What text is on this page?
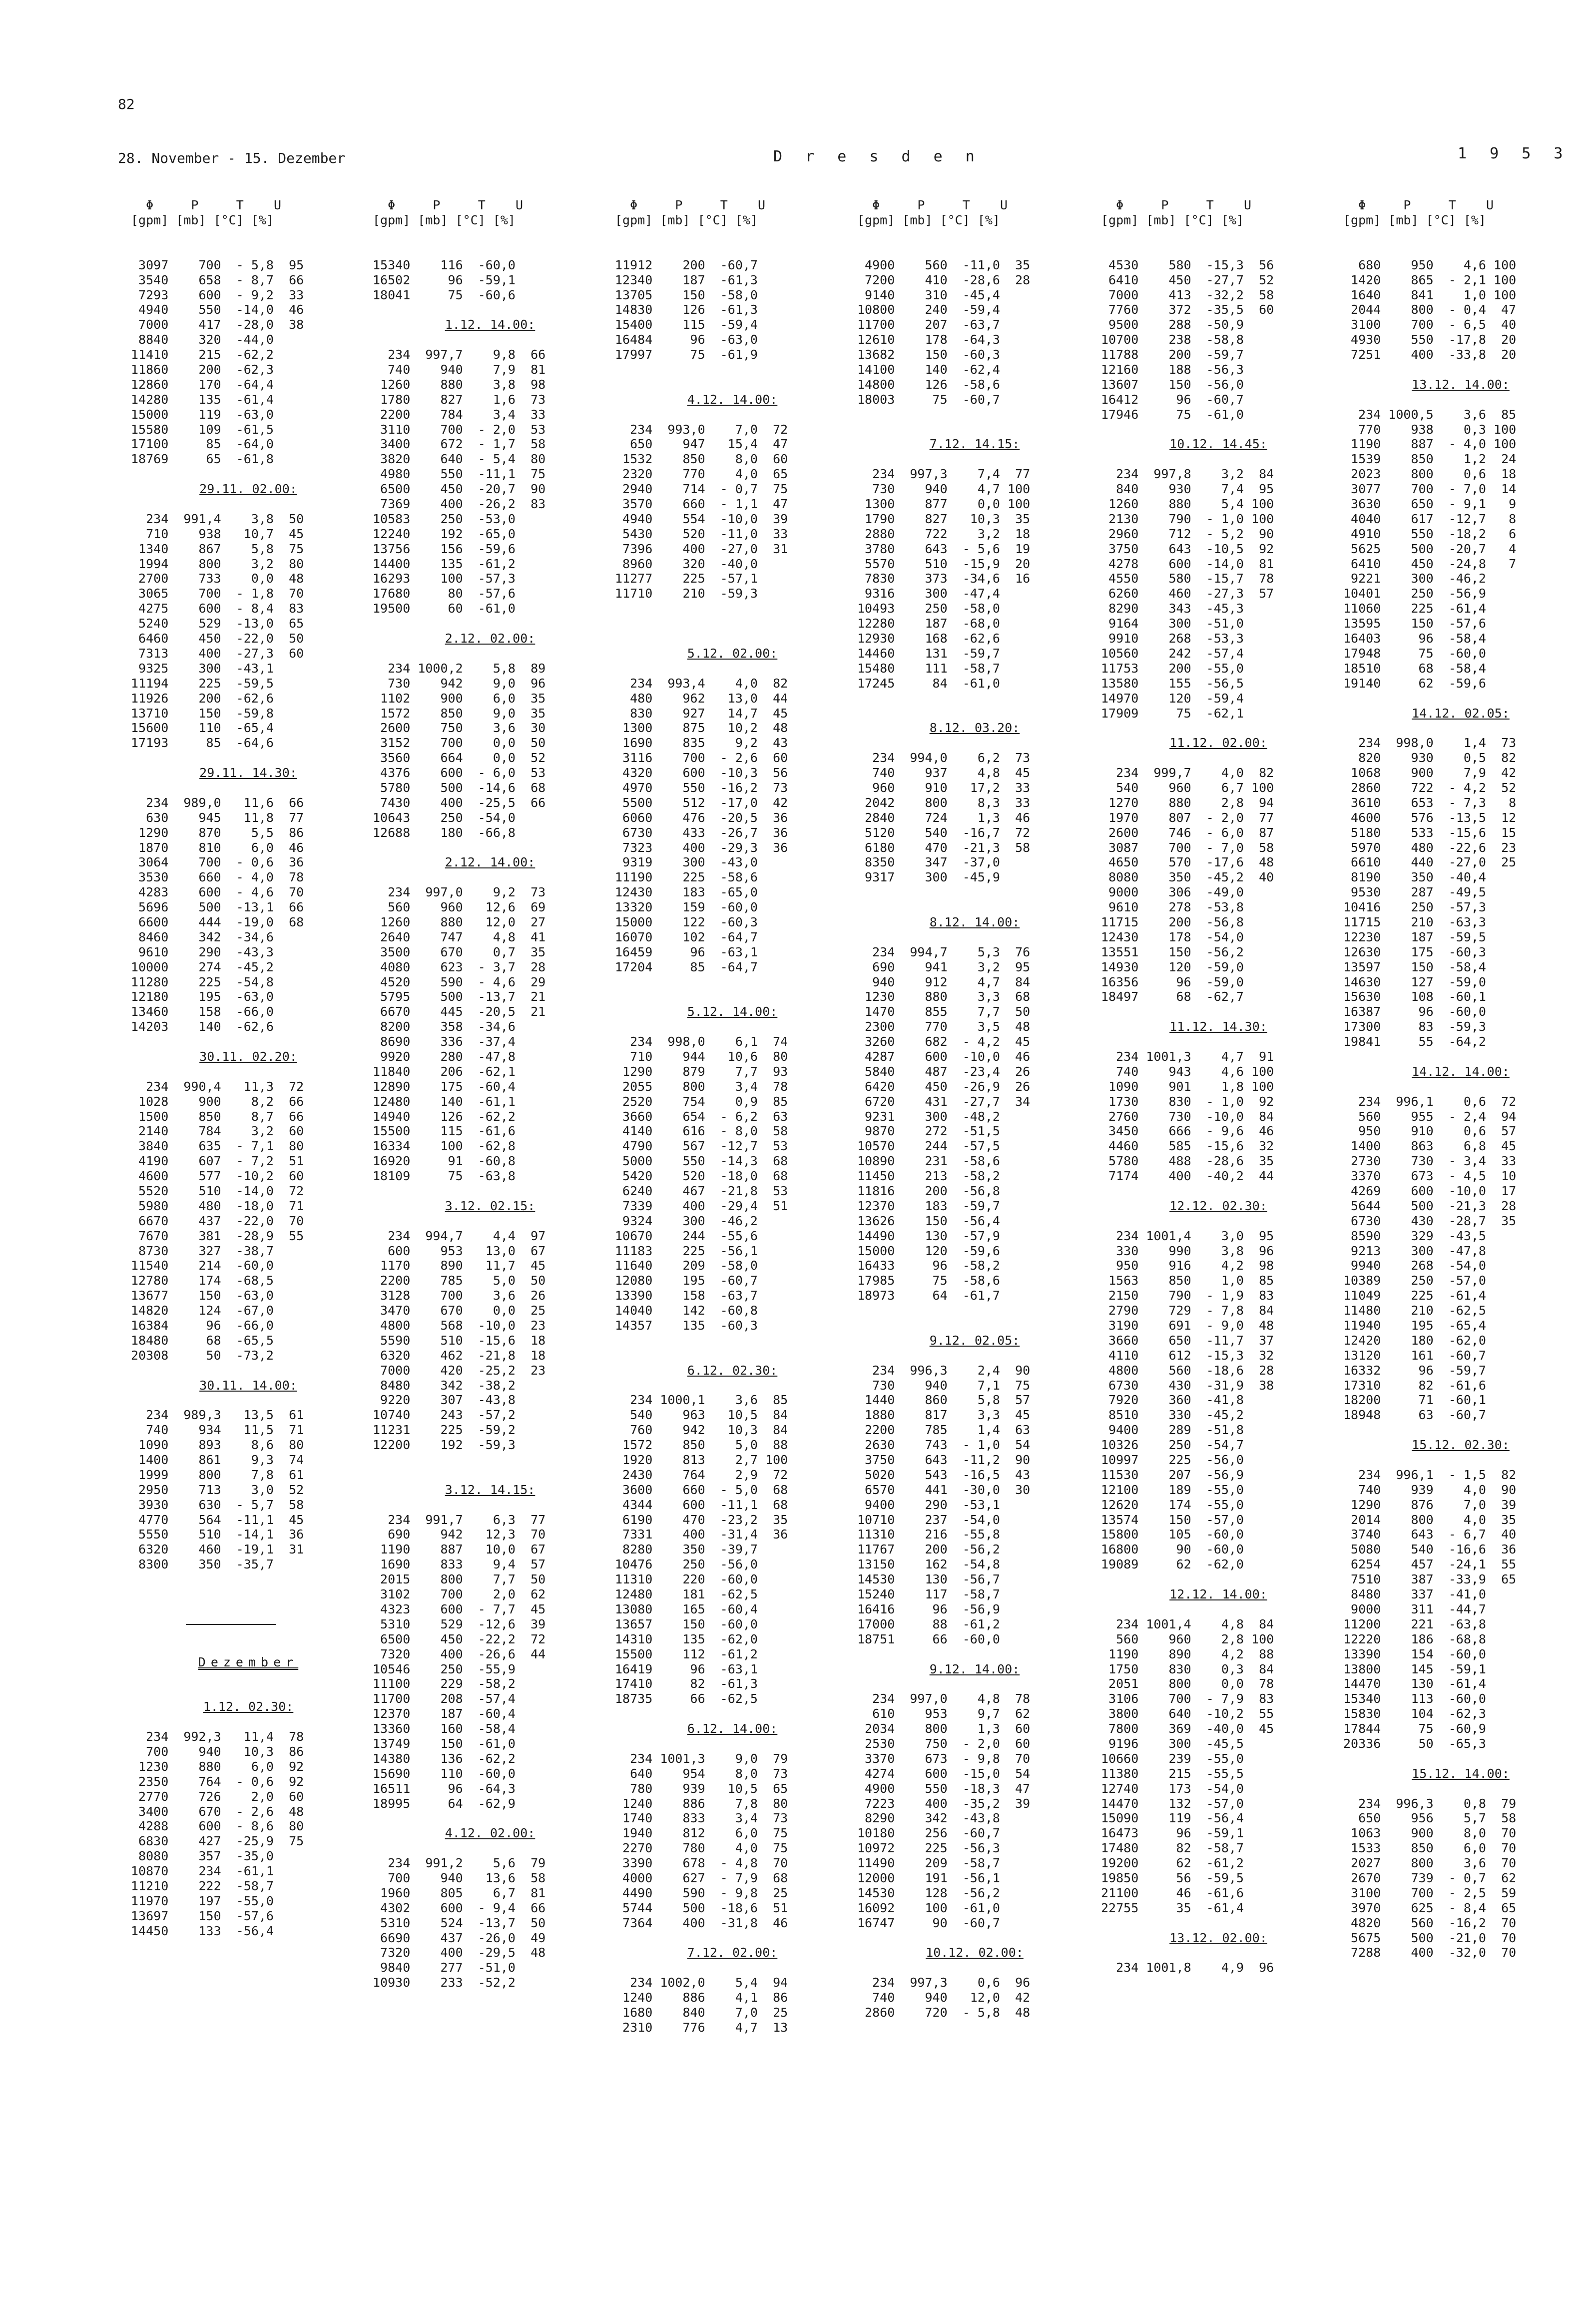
82
28. November - 15. Dezember	D r e s d e n	1 9 5 3
Φ     P     T    U
[gpm] [mb] [°C] [%]

3097    700  - 5,8  95
3540    658  - 8,7  66
7293    600  - 9,2  33
4940    550  -14,0  46
7000    417  -28,0  38
8840    320  -44,0
11410    215  -62,2
11860    200  -62,3
12860    170  -64,4
14280    135  -61,4
15000    119  -63,0
15580    109  -61,5
17100     85  -64,0
18769     65  -61,8

29.11. 02.00:

234  991,4    3,8  50
710    938   10,7  45
1340    867    5,8  75
1994    800    3,2  80
2700    733    0,0  48
3065    700  - 1,8  70
4275    600  - 8,4  83
5240    529  -13,0  65
6460    450  -22,0  50
7313    400  -27,3  60
9325    300  -43,1
11194    225  -59,5
11926    200  -62,6
13710    150  -59,8
15600    110  -65,4
17193     85  -64,6

29.11. 14.30:

234  989,0   11,6  66
630    945   11,8  77
1290    870    5,5  86
1870    810    6,0  46
3064    700  - 0,6  36
3530    660  - 4,0  78
4283    600  - 4,6  70
5696    500  -13,1  66
6600    444  -19,0  68
8460    342  -34,6
9610    290  -43,3
10000    274  -45,2
11280    225  -54,8
12180    195  -63,0
13460    158  -66,0
14203    140  -62,6

30.11. 02.20:

234  990,4   11,3  72
1028    900    8,2  66
1500    850    8,7  66
2140    784    3,2  60
3840    635  - 7,1  80
4190    607  - 7,2  51
4600    577  -10,2  60
5520    510  -14,0  72
5980    480  -18,0  71
6670    437  -22,0  70
7670    381  -28,9  55
8730    327  -38,7
11540    214  -60,0
12780    174  -68,5
13677    150  -63,0
14820    124  -67,0
16384     96  -66,0
18480     68  -65,5
20308     50  -73,2

30.11. 14.00:

234  989,3   13,5  61
740    934   11,5  71
1090    893    8,6  80
1400    861    9,3  74
1999    800    7,8  61
2950    713    3,0  52
3930    630  - 5,7  58
4770    564  -11,1  45
5550    510  -14,1  36
6320    460  -19,1  31
8300    350  -35,7

Dezember

1.12. 02.30:

234  992,3   11,4  78
700    940   10,3  86
1230    880    6,0  92
2350    764  - 0,6  92
2770    726    2,0  60
3400    670  - 2,6  48
4288    600  - 8,6  80
6830    427  -25,9  75
8080    357  -35,0
10870    234  -61,1
11210    222  -58,7
11970    197  -55,0
13697    150  -57,6
14450    133  -56,4
Φ     P     T    U
[gpm] [mb] [°C] [%]

15340    116  -60,0
16502     96  -59,1
18041     75  -60,6

1.12. 14.00:

234  997,7    9,8  66
740    940    7,9  81
1260    880    3,8  98
1780    827    1,6  73
2200    784    3,4  33
3110    700  - 2,0  53
3400    672  - 1,7  58
3820    640  - 5,4  80
4980    550  -11,1  75
6500    450  -20,7  90
7369    400  -26,2  83
10583    250  -53,0
12240    192  -65,0
13756    156  -59,6
14400    135  -61,2
16293    100  -57,3
17680     80  -57,6
19500     60  -61,0

2.12. 02.00:

234 1000,2    5,8  89
730    942    9,0  96
1102    900    6,0  35
1572    850    9,0  35
2600    750    3,6  30
3152    700    0,0  50
3560    664    0,0  52
4376    600  - 6,0  53
5780    500  -14,6  68
7430    400  -25,5  66
10643    250  -54,0
12688    180  -66,8

2.12. 14.00:

234  997,0    9,2  73
560    960   12,6  69
1260    880   12,0  27
2640    747    4,8  41
3500    670    0,7  35
4080    623  - 3,7  28
4520    590  - 4,6  29
5795    500  -13,7  21
6670    445  -20,5  21
8200    358  -34,6
8690    336  -37,4
9920    280  -47,8
11840    206  -62,1
12890    175  -60,4
12480    140  -61,1
14940    126  -62,2
15500    115  -61,6
16334    100  -62,8
16920     91  -60,8
18109     75  -63,8

3.12. 02.15:

234  994,7    4,4  97
600    953   13,0  67
1170    890   11,7  45
2200    785    5,0  50
3128    700    3,6  26
3470    670    0,0  25
4800    568  -10,0  23
5590    510  -15,6  18
6320    462  -21,8  18
7000    420  -25,2  23
8480    342  -38,2
9220    307  -43,8
10740    243  -57,2
11231    225  -59,2
12200    192  -59,3

3.12. 14.15:

234  991,7    6,3  77
690    942   12,3  70
1190    887   10,0  67
1690    833    9,4  57
2015    800    7,7  50
3102    700    2,0  62
4323    600  - 7,7  45
5310    529  -12,6  39
6500    450  -22,2  72
7320    400  -26,6  44
10546    250  -55,9
11100    229  -58,2
11700    208  -57,4
12370    187  -60,4
13360    160  -58,4
13749    150  -61,0
14380    136  -62,2
15690    110  -60,0
16511     96  -64,3
18995     64  -62,9

4.12. 02.00:

234  991,2    5,6  79
700    940   13,6  58
1960    805    6,7  81
4302    600  - 9,4  66
5310    524  -13,7  50
6690    437  -26,0  49
7320    400  -29,5  48
9840    277  -51,0
10930    233  -52,2
Φ     P     T    U
[gpm] [mb] [°C] [%]

11912    200  -60,7
12340    187  -61,3
13705    150  -58,0
14830    126  -61,3
15400    115  -59,4
16484     96  -63,0
17997     75  -61,9

4.12. 14.00:

234  993,0    7,0  72
650    947   15,4  47
1532    850    8,0  60
2320    770    4,0  65
2940    714  - 0,7  75
3570    660  - 1,1  47
4940    554  -10,0  39
5430    520  -11,0  33
7396    400  -27,0  31
8960    320  -40,0
11277    225  -57,1
11710    210  -59,3

5.12. 02.00:

234  993,4    4,0  82
480    962   13,0  44
830    927   14,7  45
1300    875   10,2  48
1690    835    9,2  43
3116    700  - 2,6  60
4320    600  -10,3  56
4970    550  -16,2  73
5500    512  -17,0  42
6060    476  -20,5  36
6730    433  -26,7  36
7323    400  -29,3  36
9319    300  -43,0
11190    225  -58,6
12430    183  -65,0
13320    159  -60,0
15000    122  -60,3
16070    102  -64,7
16459     96  -63,1
17204     85  -64,7

5.12. 14.00:

234  998,0    6,1  74
710    944   10,6  80
1290    879    7,7  93
2055    800    3,4  78
2520    754    0,9  85
3660    654  - 6,2  63
4140    616  - 8,0  58
4790    567  -12,7  53
5000    550  -14,3  68
5420    520  -18,0  68
6240    467  -21,8  53
7339    400  -29,4  51
9324    300  -46,2
10670    244  -55,6
11183    225  -56,1
11640    209  -58,0
12080    195  -60,7
13390    158  -63,7
14040    142  -60,8
14357    135  -60,3

6.12. 02.30:

234 1000,1    3,6  85
540    963   10,5  84
760    942   10,3  84
1572    850    5,0  88
1920    813    2,7 100
2430    764    2,9  72
3600    660  - 5,0  68
4344    600  -11,1  68
6190    470  -23,2  35
7331    400  -31,4  36
8280    350  -39,7
10476    250  -56,0
11310    220  -60,0
12480    181  -62,5
13080    165  -60,4
13657    150  -60,0
14310    135  -62,0
15500    112  -61,2
16419     96  -63,1
17410     82  -61,3
18735     66  -62,5

6.12. 14.00:

234 1001,3    9,0  79
640    954    8,0  73
780    939   10,5  65
1240    886    7,8  80
1740    833    3,4  73
1940    812    6,0  75
2270    780    4,0  75
3390    678  - 4,8  70
4000    627  - 7,9  68
4490    590  - 9,8  25
5744    500  -18,6  51
7364    400  -31,8  46

7.12. 02.00:

234 1002,0    5,4  94
1240    886    4,1  86
1680    840    7,0  25
2310    776    4,7  13
Φ     P     T    U
[gpm] [mb] [°C] [%]

4900    560  -11,0  35
7200    410  -28,6  28
9140    310  -45,4
10800    240  -59,4
11700    207  -63,7
12610    178  -64,3
13682    150  -60,3
14100    140  -62,4
14800    126  -58,6
18003     75  -60,7

7.12. 14.15:

234  997,3    7,4  77
730    940    4,7 100
1300    877    0,0 100
1790    827   10,3  35
2880    722    3,2  18
3780    643  - 5,6  19
5570    510  -15,9  20
7830    373  -34,6  16
9316    300  -47,4
10493    250  -58,0
12280    187  -68,0
12930    168  -62,6
14460    131  -59,7
15480    111  -58,7
17245     84  -61,0

8.12. 03.20:

234  994,0    6,2  73
740    937    4,8  45
960    910   17,2  33
2042    800    8,3  33
2840    724    1,3  46
5120    540  -16,7  72
6180    470  -21,3  58
8350    347  -37,0
9317    300  -45,9

8.12. 14.00:

234  994,7    5,3  76
690    941    3,2  95
940    912    4,7  84
1230    880    3,3  68
1470    855    7,7  50
2300    770    3,5  48
3260    682  - 4,2  45
4287    600  -10,0  46
5840    487  -23,4  26
6420    450  -26,9  26
6720    431  -27,7  34
9231    300  -48,2
9870    272  -51,5
10570    244  -57,5
10890    231  -58,6
11450    213  -58,2
11816    200  -56,8
12370    183  -59,7
13626    150  -56,4
14490    130  -57,9
15000    120  -59,6
16433     96  -58,2
17985     75  -58,6
18973     64  -61,7

9.12. 02.05:

234  996,3    2,4  90
730    940    7,1  75
1440    860    5,8  57
1880    817    3,3  45
2200    785    1,4  63
2630    743  - 1,0  54
3750    643  -11,2  90
5020    543  -16,5  43
6570    441  -30,0  30
9400    290  -53,1
10710    237  -54,0
11310    216  -55,8
11767    200  -56,2
13150    162  -54,8
14530    130  -56,7
15240    117  -58,7
16416     96  -56,9
17000     88  -61,2
18751     66  -60,0

9.12. 14.00:

234  997,0    4,8  78
610    953    9,7  62
2034    800    1,3  60
2530    750  - 2,0  60
3370    673  - 9,8  70
4274    600  -15,0  54
4900    550  -18,3  47
7223    400  -35,2  39
8290    342  -43,8
10180    256  -60,7
10972    225  -56,3
11490    209  -58,7
12000    191  -56,1
14530    128  -56,2
16092    100  -61,0
16747     90  -60,7

10.12. 02.00:

234  997,3    0,6  96
740    940   12,0  42
2860    720  - 5,8  48
Φ     P     T    U
[gpm] [mb] [°C] [%]

4530    580  -15,3  56
6410    450  -27,7  52
7000    413  -32,2  58
7760    372  -35,5  60
9500    288  -50,9
10700    238  -58,8
11788    200  -59,7
12160    188  -56,3
13607    150  -56,0
16412     96  -60,7
17946     75  -61,0

10.12. 14.45:

234  997,8    3,2  84
840    930    7,4  95
1260    880    5,4 100
2130    790  - 1,0 100
2960    712  - 5,2  90
3750    643  -10,5  92
4278    600  -14,0  81
4550    580  -15,7  78
6260    460  -27,3  57
8290    343  -45,3
9164    300  -51,0
9910    268  -53,3
10560    242  -57,4
11753    200  -55,0
13580    155  -56,5
14970    120  -59,4
17909     75  -62,1

11.12. 02.00:

234  999,7    4,0  82
540    960    6,7 100
1270    880    2,8  94
1970    807  - 2,0  77
2600    746  - 6,0  87
3087    700  - 7,0  58
4650    570  -17,6  48
8080    350  -45,2  40
9000    306  -49,0
9610    278  -53,8
11715    200  -56,8
12430    178  -54,0
13551    150  -56,2
14930    120  -59,0
16356     96  -59,0
18497     68  -62,7

11.12. 14.30:

234 1001,3    4,7  91
740    943    4,6 100
1090    901    1,8 100
1730    830  - 1,0  92
2760    730  -10,0  84
3450    666  - 9,6  46
4460    585  -15,6  32
5780    488  -28,6  35
7174    400  -40,2  44

12.12. 02.30:

234 1001,4    3,0  95
330    990    3,8  96
950    916    4,2  98
1563    850    1,0  85
2150    790  - 1,9  83
2790    729  - 7,8  84
3190    691  - 9,0  48
3660    650  -11,7  37
4110    612  -15,3  32
4800    560  -18,6  28
6730    430  -31,9  38
7920    360  -41,8
8510    330  -45,2
9400    289  -51,8
10326    250  -54,7
10997    225  -56,0
11530    207  -56,9
12100    189  -55,0
12620    174  -55,0
13574    150  -57,0
15800    105  -60,0
16800     90  -60,0
19089     62  -62,0

12.12. 14.00:

234 1001,4    4,8  84
560    960    2,8 100
1190    890    4,2  88
1750    830    0,3  84
2051    800    0,0  78
3106    700  - 7,9  83
3800    640  -10,2  55
7800    369  -40,0  45
9196    300  -45,5
10660    239  -55,0
11380    215  -55,5
12740    173  -54,0
14470    132  -57,0
15090    119  -56,4
16473     96  -59,1
17480     82  -58,7
19200     62  -61,2
19850     56  -59,5
21100     46  -61,6
22755     35  -61,4

13.12. 02.00:

234 1001,8    4,9  96
Φ     P     T    U
[gpm] [mb] [°C] [%]

680    950    4,6 100
1420    865  - 2,1 100
1640    841    1,0 100
2044    800  - 0,4  47
3100    700  - 6,5  40
4930    550  -17,8  20
7251    400  -33,8  20

13.12. 14.00:

234 1000,5    3,6  85
770    938    0,3 100
1190    887  - 4,0 100
1539    850    1,2  24
2023    800    0,6  18
3077    700  - 7,0  14
3630    650  - 9,1   9
4040    617  -12,7   8
4910    550  -18,2   6
5625    500  -20,7   4
6410    450  -24,8   7
9221    300  -46,2
10401    250  -56,9
11060    225  -61,4
13595    150  -57,6
16403     96  -58,4
17948     75  -60,0
18510     68  -58,4
19140     62  -59,6

14.12. 02.05:

234  998,0    1,4  73
820    930    0,5  82
1068    900    7,9  42
2860    722  - 4,2  52
3610    653  - 7,3   8
4600    576  -13,5  12
5180    533  -15,6  15
5970    480  -22,6  23
6610    440  -27,0  25
8190    350  -40,4
9530    287  -49,5
10416    250  -57,3
11715    210  -63,3
12230    187  -59,5
12630    175  -60,3
13597    150  -58,4
14630    127  -59,0
15630    108  -60,1
16387     96  -60,0
17300     83  -59,3
19841     55  -64,2

14.12. 14.00:

234  996,1    0,6  72
560    955  - 2,4  94
950    910    0,6  57
1400    863    6,8  45
2730    730  - 3,4  33
3370    673  - 4,5  10
4269    600  -10,0  17
5644    500  -21,3  28
6730    430  -28,7  35
8590    329  -43,5
9213    300  -47,8
9940    268  -54,0
10389    250  -57,0
11049    225  -61,4
11480    210  -62,5
11940    195  -65,4
12420    180  -62,0
13120    161  -60,7
16332     96  -59,7
17310     82  -61,6
18200     71  -60,1
18948     63  -60,7

15.12. 02.30:

234  996,1  - 1,5  82
740    939    4,0  90
1290    876    7,0  39
2014    800    4,0  35
3740    643  - 6,7  40
5080    540  -16,6  36
6254    457  -24,1  55
7510    387  -33,9  65
8480    337  -41,0
9000    311  -44,7
11200    221  -63,8
12220    186  -68,8
13390    154  -60,0
13800    145  -59,1
14470    130  -61,4
15340    113  -60,0
15830    104  -62,3
17844     75  -60,9
20336     50  -65,3

15.12. 14.00:

234  996,3    0,8  79
650    956    5,7  58
1063    900    8,0  70
1533    850    6,0  70
2027    800    3,6  70
2670    739  - 0,7  62
3100    700  - 2,5  59
3970    625  - 8,4  65
4820    560  -16,2  70
5675    500  -21,0  70
7288    400  -32,0  70
